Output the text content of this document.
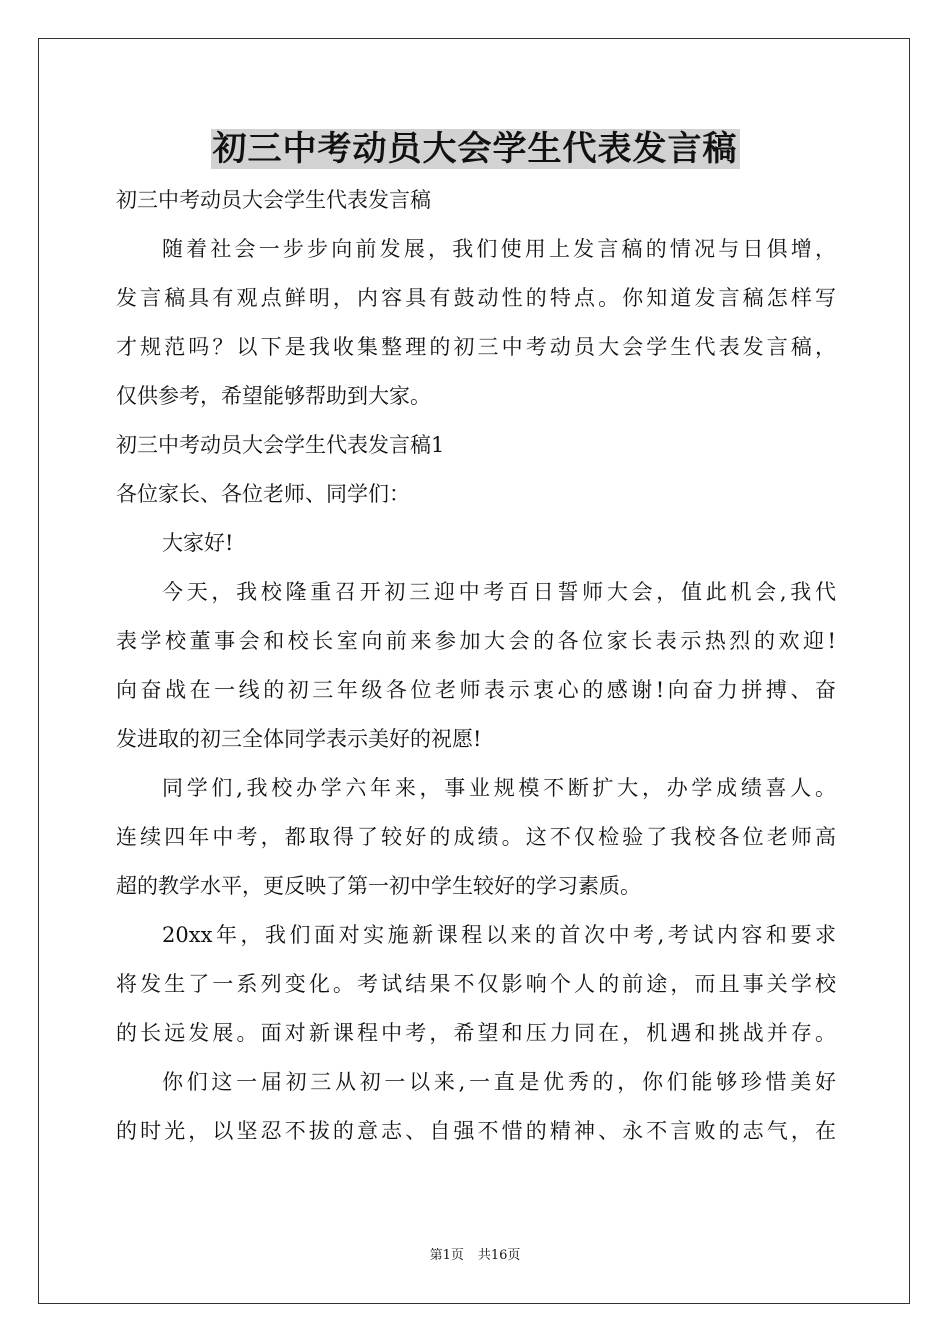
初三中考动员大会学生代表发言稿
初三中考动员大会学生代表发言稿
随着社会一步步向前发展，我们使用上发言稿的情况与日俱增，
发言稿具有观点鲜明，内容具有鼓动性的特点。你知道发言稿怎样写
才规范吗？以下是我收集整理的初三中考动员大会学生代表发言稿，
仅供参考，希望能够帮助到大家。
初三中考动员大会学生代表发言稿1
各位家长、各位老师、同学们：
大家好!
今天，我校隆重召开初三迎中考百日誓师大会，值此机会,我代
表学校董事会和校长室向前来参加大会的各位家长表示热烈的欢迎!
向奋战在一线的初三年级各位老师表示衷心的感谢!向奋力拼搏、奋
发进取的初三全体同学表示美好的祝愿!
同学们,我校办学六年来，事业规模不断扩大，办学成绩喜人。
连续四年中考，都取得了较好的成绩。这不仅检验了我校各位老师高
超的教学水平，更反映了第一初中学生较好的学习素质。
20xx年，我们面对实施新课程以来的首次中考,考试内容和要求
将发生了一系列变化。考试结果不仅影响个人的前途，而且事关学校
的长远发展。面对新课程中考，希望和压力同在，机遇和挑战并存。
你们这一届初三从初一以来,一直是优秀的，你们能够珍惜美好
的时光，以坚忍不拔的意志、自强不惜的精神、永不言败的志气，在
第1页 共16页
